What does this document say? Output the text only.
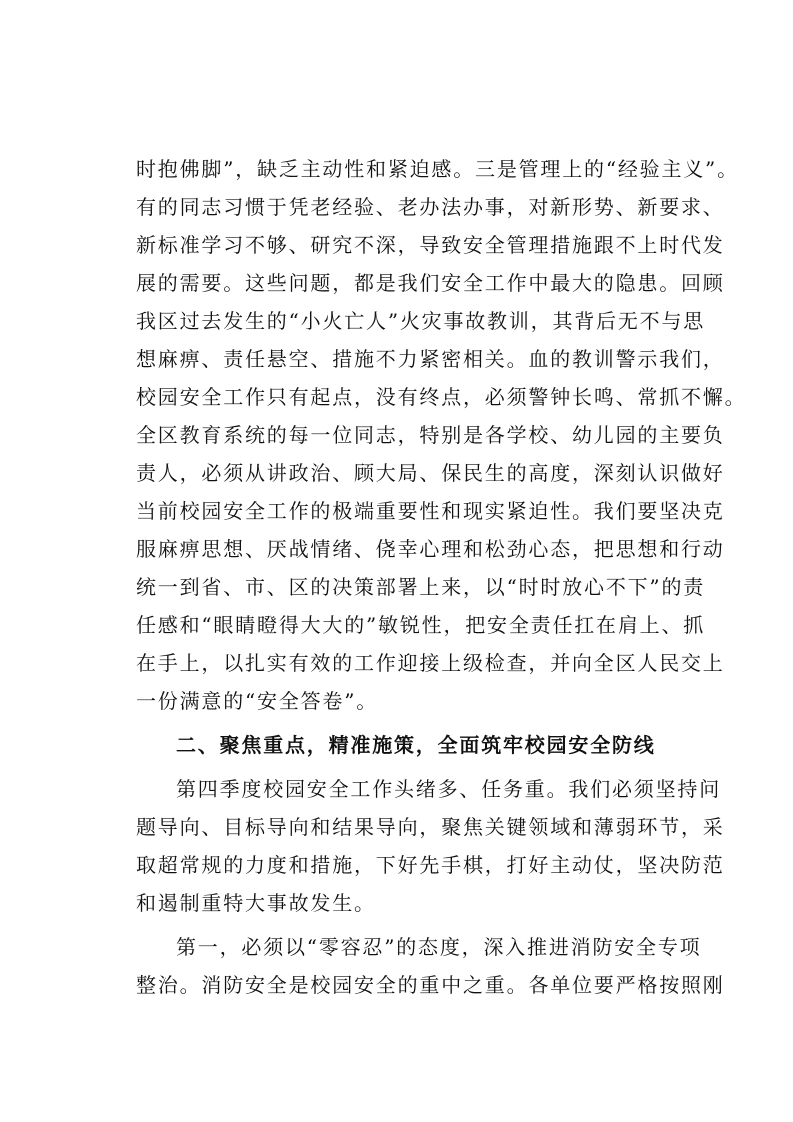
时抱佛脚”，缺乏主动性和紧迫感。三是管理上的“经验主义”。
有的同志习惯于凭老经验、老办法办事，对新形势、新要求、
新标准学习不够、研究不深，导致安全管理措施跟不上时代发
展的需要。这些问题，都是我们安全工作中最大的隐患。回顾
我区过去发生的“小火亡人”火灾事故教训，其背后无不与思
想麻痹、责任悬空、措施不力紧密相关。血的教训警示我们，
校园安全工作只有起点，没有终点，必须警钟长鸣、常抓不懈。
全区教育系统的每一位同志，特别是各学校、幼儿园的主要负
责人，必须从讲政治、顾大局、保民生的高度，深刻认识做好
当前校园安全工作的极端重要性和现实紧迫性。我们要坚决克
服麻痹思想、厌战情绪、侥幸心理和松劲心态，把思想和行动
统一到省、市、区的决策部署上来，以“时时放心不下”的责
任感和“眼睛瞪得大大的”敏锐性，把安全责任扛在肩上、抓
在手上，以扎实有效的工作迎接上级检查，并向全区人民交上
一份满意的“安全答卷”。
二、聚焦重点，精准施策，全面筑牢校园安全防线
第四季度校园安全工作头绪多、任务重。我们必须坚持问
题导向、目标导向和结果导向，聚焦关键领域和薄弱环节，采
取超常规的力度和措施，下好先手棋，打好主动仗，坚决防范
和遏制重特大事故发生。
第一，必须以“零容忍”的态度，深入推进消防安全专项
整治。消防安全是校园安全的重中之重。各单位要严格按照刚
